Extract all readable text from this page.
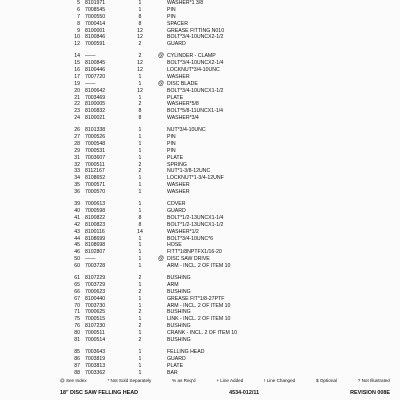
5 8101971	1	WASHER*1 3/8
6 7008545	1	PIN
7 7000550	8	PIN
8 7000414	8	SPACER
9 8100001	12	GREASE FITTING N010
10 8100846	12	BOLT*3/4-10UNCX2-1/2
12 7000591	2	GUARD
14 ——	2	@ CYLINDER - CLAMP
15 8100845	12	BOLT*3/4-10UNCX2-1/4
16 8100446	12	LOCKNUT*3/4-10UNC
17 7007720	1	WASHER
19 ——	1	@ DISC BLADE
20 8100642	12	BOLT*3/4-10UNCX1-1/2
21 7003469	1	PLATE
22 8100005	2	WASHER*5/8
23 8100832	8	BOLT*5/8-11UNCX1-1/4
24 8100021	8	WASHER*3/4
26 8101338	1	NUT*3/4-10UNC
27 7000526	1	PIN
28 7000548	1	PIN
29 7000531	1	PIN
31 7003607	1	PLATE
32 7000511	2	SPRING
33 8112167	2	NUT*1-3/8-12UNC
34 8108652	1	LOCKNUT*1-3/4-12UNF
35 7000571	1	WASHER
36 7000570	1	WASHER
39 7000613	1	COVER
40 7000598	1	GUARD
41 8100822	8	BOLT*1/2-13UNCX1-1/4
42 8100823	8	BOLT*1/2-13UNCX1-1/2
43 8100116	14	WASHER*1/2
44 8108699	1	BOLT*3/4-10UNC*6
45 8108698	1	HOSE
46 8102807	1	FITT*1/8NPTFX1/16-20
50 ——	1	@ DISC SAW DRIVE
60 7003728	1	ARM - INCL. 2 OF ITEM 10
61 8107229	2	BUSHING
65 7003729	1	ARM
66 7000623	2	BUSHING
67 8100440	1	GREASE FIT*1/8-27PTF
70 7003730	1	ARM - INCL. 2 OF ITEM 10
71 7000625	2	BUSHING
75 7000515	1	LINK - INCL. 2 OF ITEM 10
76 8107230	2	BUSHING
80 7000511	1	CRANK - INCL. 2 OF ITEM 10
81 7000514	2	BUSHING
85 7003643	1	FELLING HEAD
86 7003819	1	GUARD
87 7003813	1	PLATE
88 7003362	1	BAR
@ See Index	* Not Sold Separately	% as Req'd	+ Line Added	! Line Changed	$ Optional	? Not Illustrated
18" DISC SAW FELLING HEAD	4534-012/11	REVISION 008E
